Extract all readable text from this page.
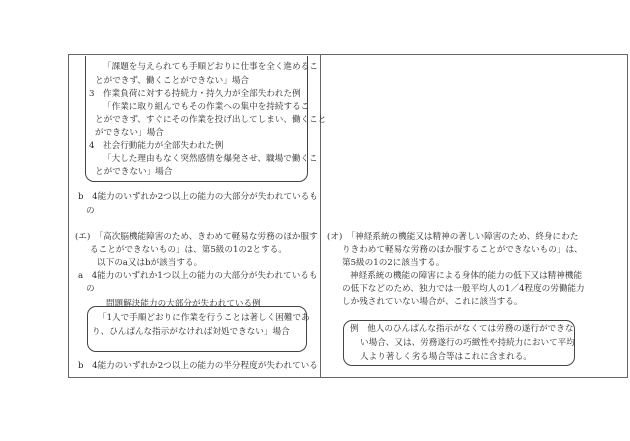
「課題を与えられても手順どおりに仕事を全く進めるこ
とができず、働くことができない」場合
3　作業負荷に対する持続力・持久力が全部失われた例
「作業に取り組んでもその作業への集中を持続するこ
とができず、すぐにその作業を投げ出してしまい、働くこと
ができない」場合
4　社会行動能力が全部失われた例
「大した理由もなく突然感情を爆発させ、職場で働くこ
とができない」場合
b　4能力のいずれか2つ以上の能力の大部分が失われているも
の
(エ)　「高次脳機能障害のため、きわめて軽易な労務のほか服す
ることができないもの」は、第5級の1の2とする。
以下のa又はbが該当する。
a　4能力のいずれか1つ以上の能力の大部分が失われているも
の
問題解決能力の大部分が失われている例
「1人で手順どおりに作業を行うことは著しく困難であ
り、ひんぱんな指示がなければ対処できない」場合
b　4能力のいずれか2つ以上の能力の半分程度が失われている
(オ)　「神経系統の機能又は精神の著しい障害のため、終身にわた
りきわめて軽易な労務のほか服することができないもの」は、
第5級の1の2に該当する。
神経系統の機能の障害による身体的能力の低下又は精神機能
の低下などのため、独力では一般平均人の1／4程度の労働能力
しか残されていない場合が、これに該当する。
例　他人のひんぱんな指示がなくては労務の遂行ができな
い場合、又は、労務遂行の巧緻性や持続力において平均
人より著しく劣る場合等はこれに含まれる。
